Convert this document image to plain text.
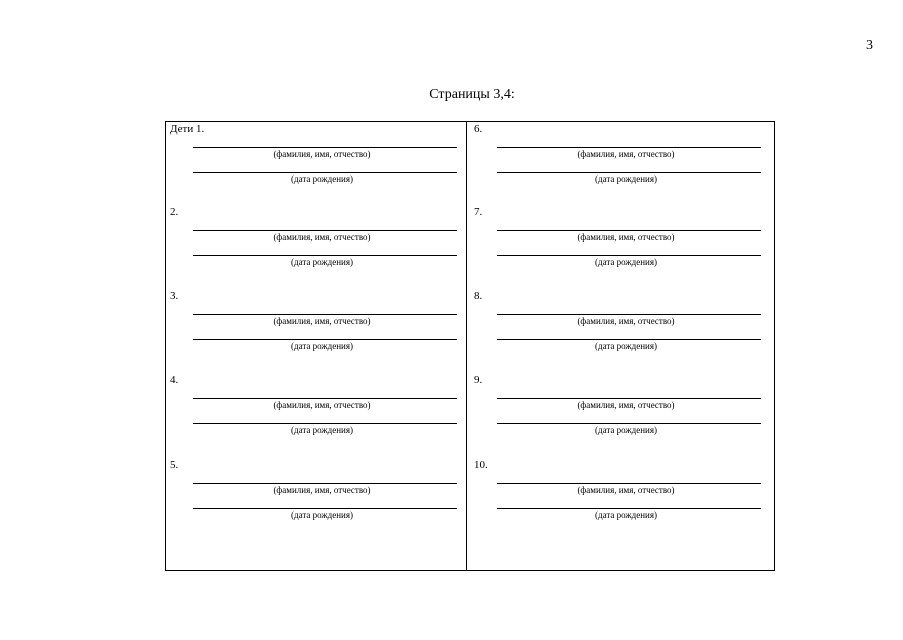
3
Страницы 3,4:
Дети 1.
(фамилия, имя, отчество)
(дата рождения)
2.
(фамилия, имя, отчество)
(дата рождения)
3.
(фамилия, имя, отчество)
(дата рождения)
4.
(фамилия, имя, отчество)
(дата рождения)
5.
(фамилия, имя, отчество)
(дата рождения)
6.
(фамилия, имя, отчество)
(дата рождения)
7.
(фамилия, имя, отчество)
(дата рождения)
8.
(фамилия, имя, отчество)
(дата рождения)
9.
(фамилия, имя, отчество)
(дата рождения)
10.
(фамилия, имя, отчество)
(дата рождения)
